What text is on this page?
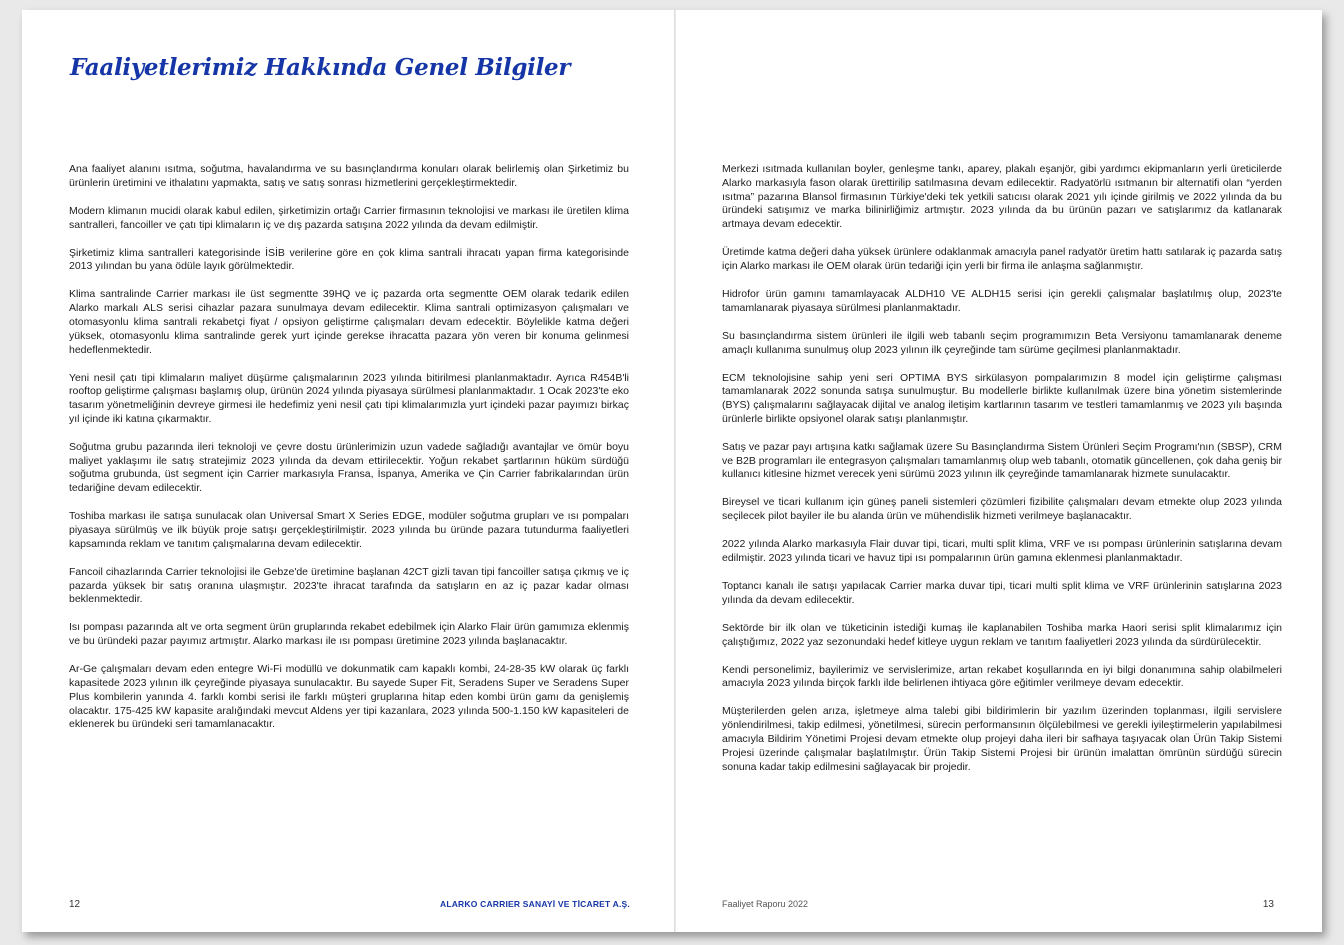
Faaliyetlerimiz Hakkında Genel Bilgiler

Ana faaliyet alanını ısıtma, soğutma, havalandırma ve su basınçlandırma konuları olarak belirlemiş olan Şirketimiz bu ürünlerin üretimini ve ithalatını yapmakta, satış ve satış sonrası hizmetlerini gerçekleştirmektedir.

Modern klimanın mucidi olarak kabul edilen, şirketimizin ortağı Carrier firmasının teknolojisi ve markası ile üretilen klima santralleri, fancoiller ve çatı tipi klimaların iç ve dış pazarda satışına 2022 yılında da devam edilmiştir.

Şirketimiz klima santralleri kategorisinde İSİB verilerine göre en çok klima santrali ihracatı yapan firma kategorisinde 2013 yılından bu yana ödüle layık görülmektedir.

Klima santralinde Carrier markası ile üst segmentte 39HQ ve iç pazarda orta segmentte OEM olarak tedarik edilen Alarko markalı ALS serisi cihazlar pazara sunulmaya devam edilecektir. Klima santrali optimizasyon çalışmaları ve otomasyonlu klima santrali rekabetçi fiyat / opsiyon geliştirme çalışmaları devam edecektir. Böylelikle katma değeri yüksek, otomasyonlu klima santralinde gerek yurt içinde gerekse ihracatta pazara yön veren bir konuma gelinmesi hedeflenmektedir.

Yeni nesil çatı tipi klimaların maliyet düşürme çalışmalarının 2023 yılında bitirilmesi planlanmaktadır. Ayrıca R454B'li rooftop geliştirme çalışması başlamış olup, ürünün 2024 yılında piyasaya sürülmesi planlanmaktadır. 1 Ocak 2023'te eko tasarım yönetmeliğinin devreye girmesi ile hedefimiz yeni nesil çatı tipi klimalarımızla yurt içindeki pazar payımızı birkaç yıl içinde iki katına çıkarmaktır.

Soğutma grubu pazarında ileri teknoloji ve çevre dostu ürünlerimizin uzun vadede sağladığı avantajlar ve ömür boyu maliyet yaklaşımı ile satış stratejimiz 2023 yılında da devam ettirilecektir. Yoğun rekabet şartlarının hüküm sürdüğü soğutma grubunda, üst segment için Carrier markasıyla Fransa, İspanya, Amerika ve Çin Carrier fabrikalarından ürün tedariğine devam edilecektir.

Toshiba markası ile satışa sunulacak olan Universal Smart X Series EDGE, modüler soğutma grupları ve ısı pompaları piyasaya sürülmüş ve ilk büyük proje satışı gerçekleştirilmiştir. 2023 yılında bu üründe pazara tutundurma faaliyetleri kapsamında reklam ve tanıtım çalışmalarına devam edilecektir.

Fancoil cihazlarında Carrier teknolojisi ile Gebze'de üretimine başlanan 42CT gizli tavan tipi fancoiller satışa çıkmış ve iç pazarda yüksek bir satış oranına ulaşmıştır. 2023'te ihracat tarafında da satışların en az iç pazar kadar olması beklenmektedir.

Isı pompası pazarında alt ve orta segment ürün gruplarında rekabet edebilmek için Alarko Flair ürün gamımıza eklenmiş ve bu üründeki pazar payımız artmıştır. Alarko markası ile ısı pompası üretimine 2023 yılında başlanacaktır.

Ar-Ge çalışmaları devam eden entegre Wi-Fi modüllü ve dokunmatik cam kapaklı kombi, 24-28-35 kW olarak üç farklı kapasitede 2023 yılının ilk çeyreğinde piyasaya sunulacaktır. Bu sayede Super Fit, Seradens Super ve Seradens Super Plus kombilerin yanında 4. farklı kombi serisi ile farklı müşteri gruplarına hitap eden kombi ürün gamı da genişlemiş olacaktır. 175-425 kW kapasite aralığındaki mevcut Aldens yer tipi kazanlara, 2023 yılında 500-1.150 kW kapasiteleri de eklenerek bu üründeki seri tamamlanacaktır.

12	ALARKO CARRIER SANAYİ VE TİCARET A.Ş.

Merkezi ısıtmada kullanılan boyler, genleşme tankı, aparey, plakalı eşanjör, gibi yardımcı ekipmanların yerli üreticilerde Alarko markasıyla fason olarak ürettirilip satılmasına devam edilecektir. Radyatörlü ısıtmanın bir alternatifi olan “yerden ısıtma” pazarına Blansol firmasının Türkiye'deki tek yetkili satıcısı olarak 2021 yılı içinde girilmiş ve 2022 yılında da bu üründeki satışımız ve marka bilinirliğimiz artmıştır. 2023 yılında da bu ürünün pazarı ve satışlarımız da katlanarak artmaya devam edecektir.

Üretimde katma değeri daha yüksek ürünlere odaklanmak amacıyla panel radyatör üretim hattı satılarak iç pazarda satış için Alarko markası ile OEM olarak ürün tedariği için yerli bir firma ile anlaşma sağlanmıştır.

Hidrofor ürün gamını tamamlayacak ALDH10 VE ALDH15 serisi için gerekli çalışmalar başlatılmış olup, 2023'te tamamlanarak piyasaya sürülmesi planlanmaktadır.

Su basınçlandırma sistem ürünleri ile ilgili web tabanlı seçim programımızın Beta Versiyonu tamamlanarak deneme amaçlı kullanıma sunulmuş olup 2023 yılının ilk çeyreğinde tam sürüme geçilmesi planlanmaktadır.

ECM teknolojisine sahip yeni seri OPTIMA BYS sirkülasyon pompalarımızın 8 model için geliştirme çalışması tamamlanarak 2022 sonunda satışa sunulmuştur. Bu modellerle birlikte kullanılmak üzere bina yönetim sistemlerinde (BYS) çalışmalarını sağlayacak dijital ve analog iletişim kartlarının tasarım ve testleri tamamlanmış ve 2023 yılı başında ürünlerle birlikte opsiyonel olarak satışı planlanmıştır.

Satış ve pazar payı artışına katkı sağlamak üzere Su Basınçlandırma Sistem Ürünleri Seçim Programı'nın (SBSP), CRM ve B2B programları ile entegrasyon çalışmaları tamamlanmış olup web tabanlı, otomatik güncellenen, çok daha geniş bir kullanıcı kitlesine hizmet verecek yeni sürümü 2023 yılının ilk çeyreğinde tamamlanarak hizmete sunulacaktır.

Bireysel ve ticari kullanım için güneş paneli sistemleri çözümleri fizibilite çalışmaları devam etmekte olup 2023 yılında seçilecek pilot bayiler ile bu alanda ürün ve mühendislik hizmeti verilmeye başlanacaktır.

2022 yılında Alarko markasıyla Flair duvar tipi, ticari, multi split klima, VRF ve ısı pompası ürünlerinin satışlarına devam edilmiştir. 2023 yılında ticari ve havuz tipi ısı pompalarının ürün gamına eklenmesi planlanmaktadır.

Toptancı kanalı ile satışı yapılacak Carrier marka duvar tipi, ticari multi split klima ve VRF ürünlerinin satışlarına 2023 yılında da devam edilecektir.

Sektörde bir ilk olan ve tüketicinin istediği kumaş ile kaplanabilen Toshiba marka Haori serisi split klimalarımız için çalıştığımız, 2022 yaz sezonundaki hedef kitleye uygun reklam ve tanıtım faaliyetleri 2023 yılında da sürdürülecektir.

Kendi personelimiz, bayilerimiz ve servislerimize, artan rekabet koşullarında en iyi bilgi donanımına sahip olabilmeleri amacıyla 2023 yılında birçok farklı ilde belirlenen ihtiyaca göre eğitimler verilmeye devam edecektir.

Müşterilerden gelen arıza, işletmeye alma talebi gibi bildirimlerin bir yazılım üzerinden toplanması, ilgili servislere yönlendirilmesi, takip edilmesi, yönetilmesi, sürecin performansının ölçülebilmesi ve gerekli iyileştirmelerin yapılabilmesi amacıyla Bildirim Yönetimi Projesi devam etmekte olup projeyi daha ileri bir safhaya taşıyacak olan Ürün Takip Sistemi Projesi üzerinde çalışmalar başlatılmıştır. Ürün Takip Sistemi Projesi bir ürünün imalattan ömrünün sürdüğü sürecin sonuna kadar takip edilmesini sağlayacak bir projedir.

Faaliyet Raporu 2022	13
